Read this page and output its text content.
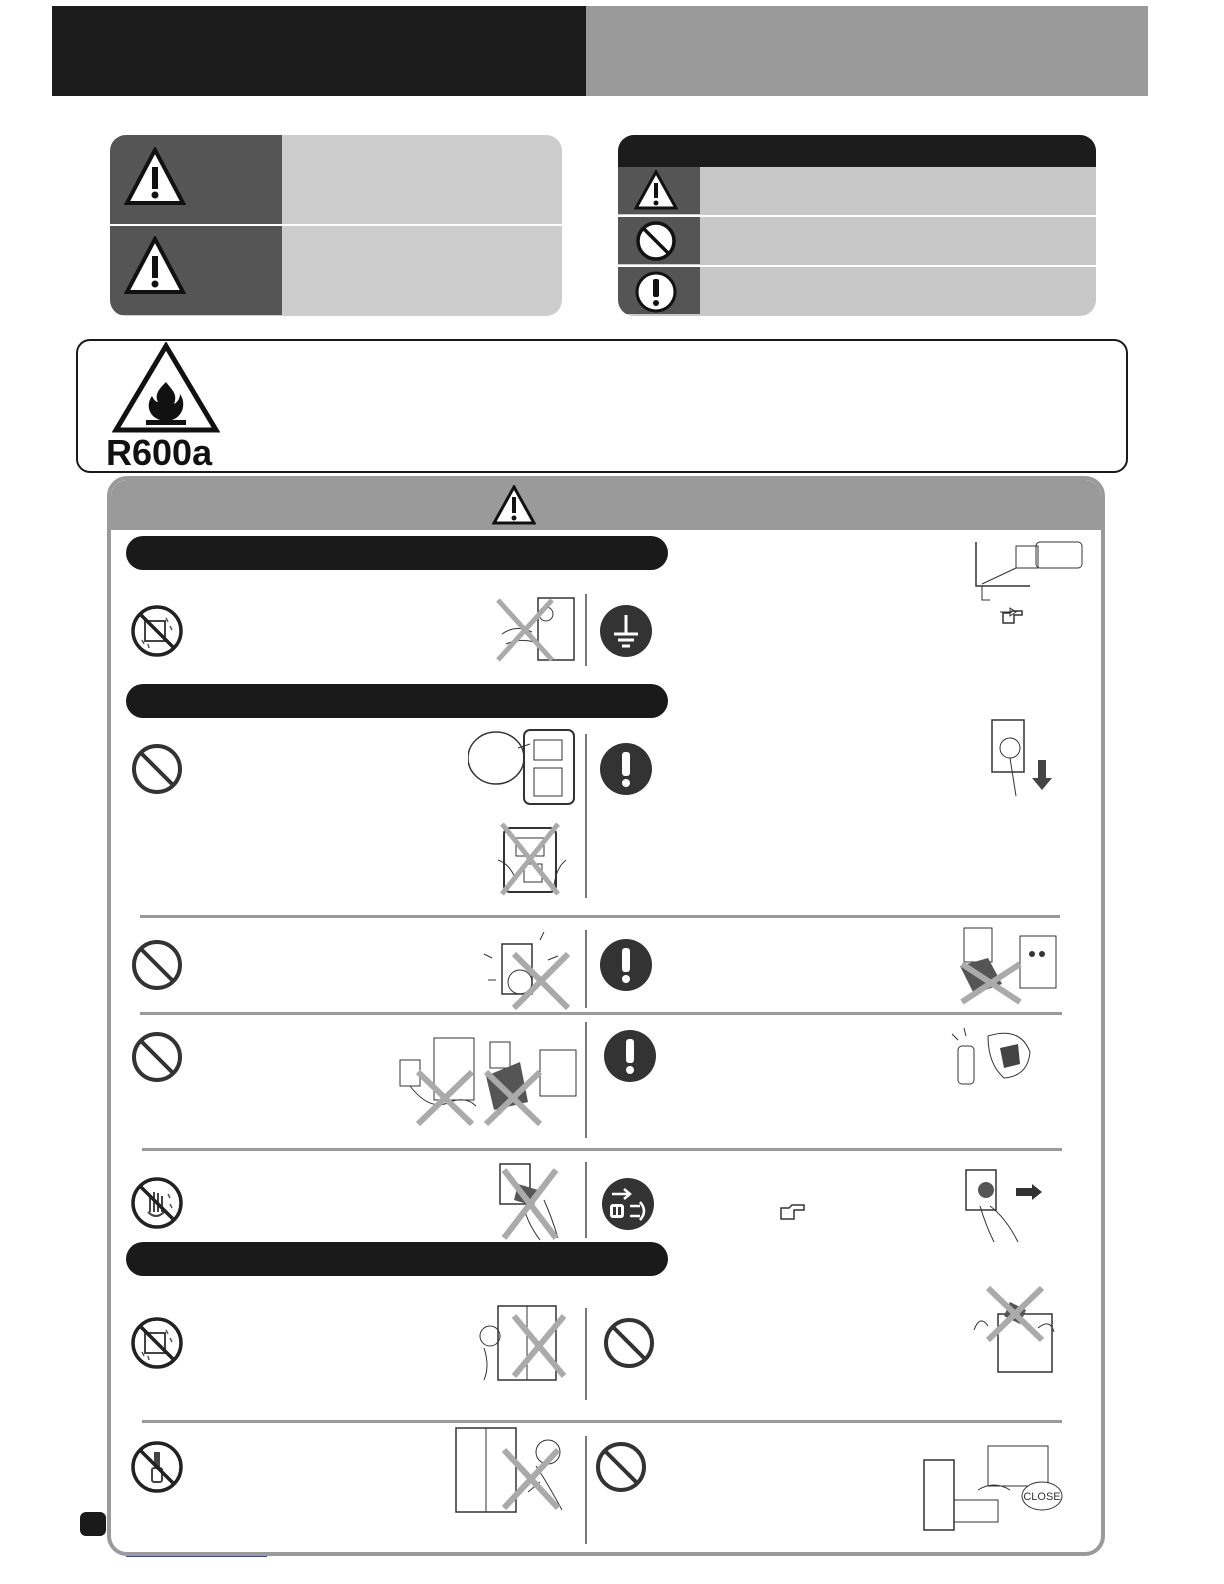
R600a
CLOSE
